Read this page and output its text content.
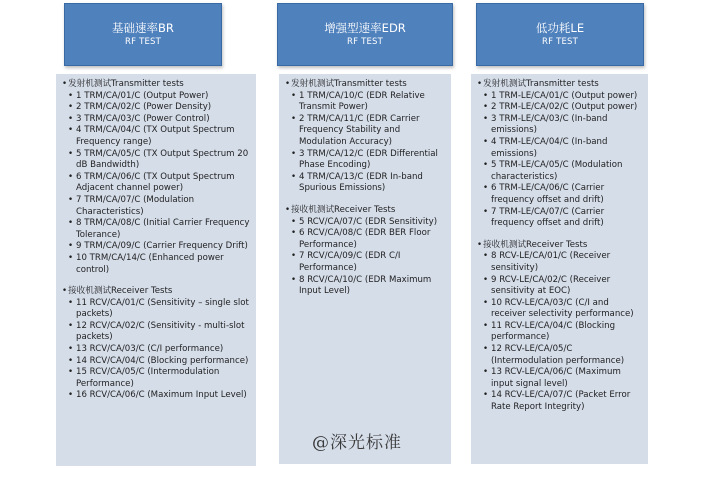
基础速率BR
RF TEST
增强型速率EDR
RF TEST
低功耗LE
RF TEST
• 发射机测试Transmitter tests
• 1 TRM/CA/01/C (Output Power)
• 2 TRM/CA/02/C (Power Density)
• 3 TRM/CA/03/C (Power Control)
• 4 TRM/CA/04/C (TX Output Spectrum Frequency range)
• 5 TRM/CA/05/C (TX Output Spectrum 20 dB Bandwidth)
• 6 TRM/CA/06/C (TX Output Spectrum Adjacent channel power)
• 7 TRM/CA/07/C (Modulation Characteristics)
• 8 TRM/CA/08/C (Initial Carrier Frequency Tolerance)
• 9 TRM/CA/09/C (Carrier Frequency Drift)
• 10 TRM/CA/14/C (Enhanced power control)
• 接收机测试Receiver Tests
• 11 RCV/CA/01/C (Sensitivity – single slot packets)
• 12 RCV/CA/02/C (Sensitivity - multi-slot packets)
• 13 RCV/CA/03/C (C/I performance)
• 14 RCV/CA/04/C (Blocking performance)
• 15 RCV/CA/05/C (Intermodulation Performance)
• 16 RCV/CA/06/C (Maximum Input Level)
• 发射机测试Transmitter tests
• 1 TRM/CA/10/C (EDR Relative Transmit Power)
• 2 TRM/CA/11/C (EDR Carrier Frequency Stability and Modulation Accuracy)
• 3 TRM/CA/12/C (EDR Differential Phase Encoding)
• 4 TRM/CA/13/C (EDR In-band Spurious Emissions)
• 接收机测试Receiver Tests
• 5 RCV/CA/07/C (EDR Sensitivity)
• 6 RCV/CA/08/C (EDR BER Floor Performance)
• 7 RCV/CA/09/C (EDR C/I Performance)
• 8 RCV/CA/10/C (EDR Maximum Input Level)
• 发射机测试Transmitter tests
• 1 TRM-LE/CA/01/C (Output power)
• 2 TRM-LE/CA/02/C (Output power)
• 3 TRM-LE/CA/03/C (In-band emissions)
• 4 TRM-LE/CA/04/C (In-band emissions)
• 5 TRM-LE/CA/05/C (Modulation characteristics)
• 6 TRM-LE/CA/06/C (Carrier frequency offset and drift)
• 7 TRM-LE/CA/07/C (Carrier frequency offset and drift)
• 接收机测试Receiver Tests
• 8 RCV-LE/CA/01/C (Receiver sensitivity)
• 9 RCV-LE/CA/02/C (Receiver sensitivity at EOC)
• 10 RCV-LE/CA/03/C (C/I and receiver selectivity performance)
• 11 RCV-LE/CA/04/C (Blocking performance)
• 12 RCV-LE/CA/05/C (Intermodulation performance)
• 13 RCV-LE/CA/06/C (Maximum input signal level)
• 14 RCV-LE/CA/07/C (Packet Error Rate Report Integrity)
@深光标准
